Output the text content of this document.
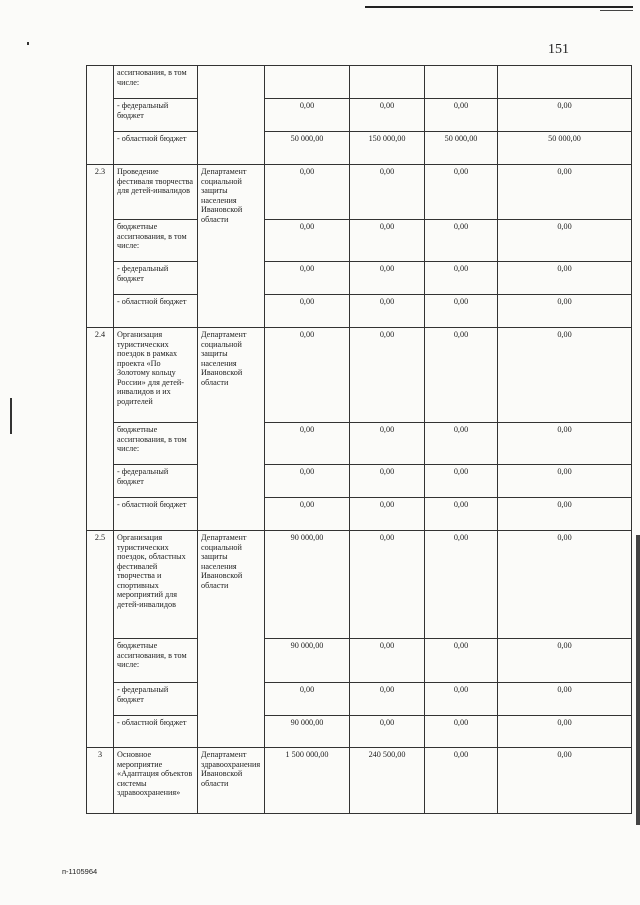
151
	ассигнования, в том числе:					
	- федеральный бюджет		0,00	0,00	0,00	0,00
	- областной бюджет		50 000,00	150 000,00	50 000,00	50 000,00
2.3	Проведение фестиваля творчества для детей-инвалидов	Департамент социальной защиты населения Ивановской области	0,00	0,00	0,00	0,00
	бюджетные ассигнования, в том числе:		0,00	0,00	0,00	0,00
	- федеральный бюджет		0,00	0,00	0,00	0,00
	- областной бюджет		0,00	0,00	0,00	0,00
2.4	Организация туристических поездок в рамках проекта «По Золотому кольцу России» для детей-инвалидов и их родителей	Департамент социальной защиты населения Ивановской области	0,00	0,00	0,00	0,00
	бюджетные ассигнования, в том числе:		0,00	0,00	0,00	0,00
	- федеральный бюджет		0,00	0,00	0,00	0,00
	- областной бюджет		0,00	0,00	0,00	0,00
2.5	Организация туристических поездок, областных фестивалей творчества и спортивных мероприятий для детей-инвалидов	Департамент социальной защиты населения Ивановской области	90 000,00	0,00	0,00	0,00
	бюджетные ассигнования, в том числе:		90 000,00	0,00	0,00	0,00
	- федеральный бюджет		0,00	0,00	0,00	0,00
	- областной бюджет		90 000,00	0,00	0,00	0,00
3	Основное мероприятие «Адаптация объектов системы здравоохранения»	Департамент здравоохранения Ивановской области	1 500 000,00	240 500,00	0,00	0,00
п-1105964
